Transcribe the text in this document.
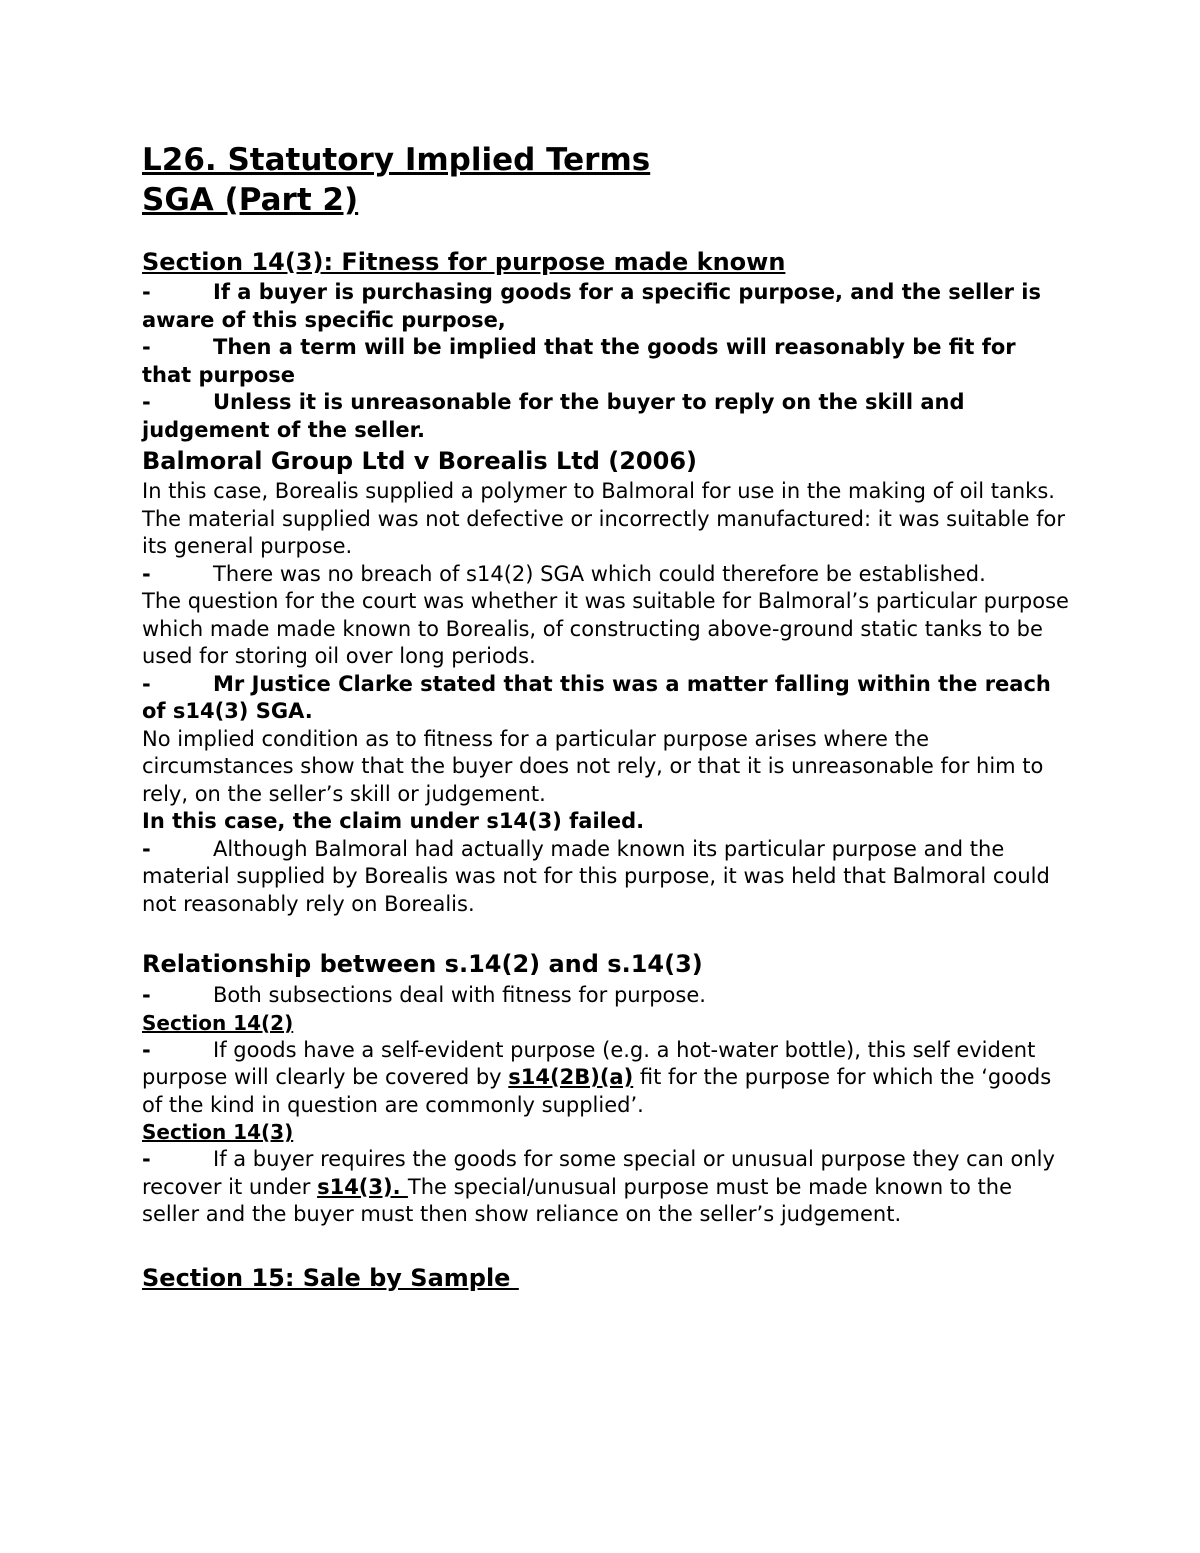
L26. Statutory Implied Terms
SGA (Part 2)
Section 14(3): Fitness for purpose made known
-	If a buyer is purchasing goods for a specific purpose, and the seller is aware of this specific purpose,
-	Then a term will be implied that the goods will reasonably be fit for that purpose
-	Unless it is unreasonable for the buyer to reply on the skill and judgement of the seller.
Balmoral Group Ltd v Borealis Ltd (2006)

In this case, Borealis supplied a polymer to Balmoral for use in the making of oil tanks.

The material supplied was not defective or incorrectly manufactured: it was suitable for its general purpose.

-	There was no breach of s14(2) SGA which could therefore be established.

The question for the court was whether it was suitable for Balmoral’s particular purpose which made made known to Borealis, of constructing above-ground static tanks to be used for storing oil over long periods.

-	Mr Justice Clarke stated that this was a matter falling within the reach of s14(3) SGA.

No implied condition as to fitness for a particular purpose arises where the circumstances show that the buyer does not rely, or that it is unreasonable for him to rely, on the seller’s skill or judgement.

In this case, the claim under s14(3) failed.

-	Although Balmoral had actually made known its particular purpose and the material supplied by Borealis was not for this purpose, it was held that Balmoral could not reasonably rely on Borealis.
Relationship between s.14(2) and s.14(3)
-	Both subsections deal with fitness for purpose.
Section 14(2)
-	If goods have a self-evident purpose (e.g. a hot-water bottle), this self evident purpose will clearly be covered by s14(2B)(a) fit for the purpose for which the ‘goods of the kind in question are commonly supplied’.
Section 14(3)
-	If a buyer requires the goods for some special or unusual purpose they can only recover it under s14(3). The special/unusual purpose must be made known to the seller and the buyer must then show reliance on the seller’s judgement.
Section 15: Sale by Sample
